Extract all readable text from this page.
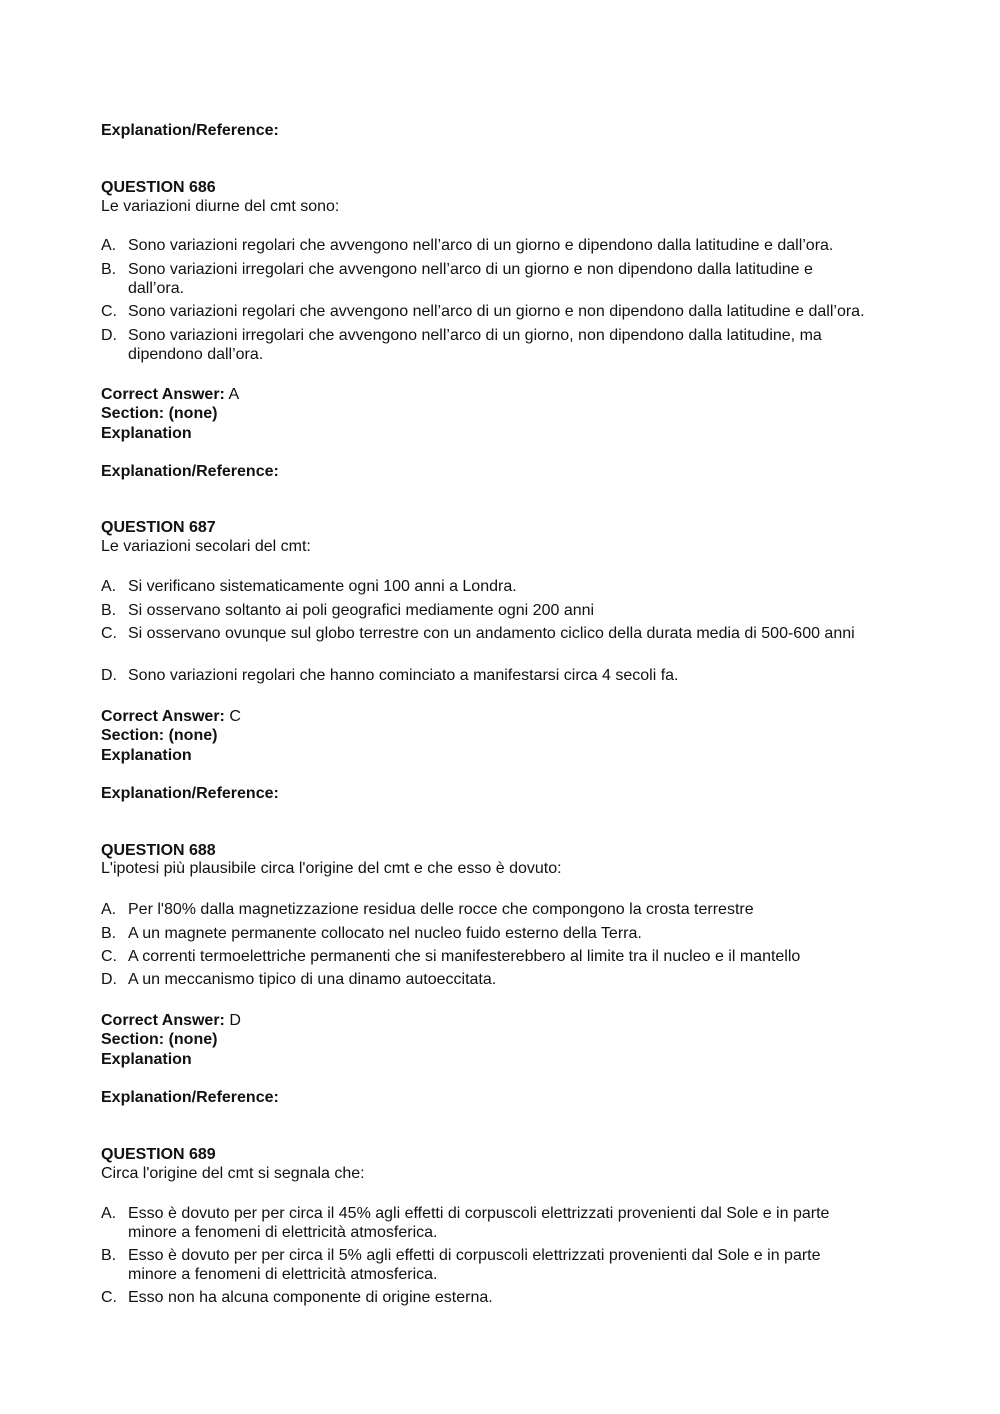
Explanation/Reference:
QUESTION 686
Le variazioni diurne del cmt sono:
A. Sono variazioni regolari che avvengono nell’arco di un giorno e dipendono dalla latitudine e dall’ora.
B. Sono variazioni irregolari che avvengono nell’arco di un giorno e non dipendono dalla latitudine e dall’ora.
C. Sono variazioni regolari che avvengono nell’arco di un giorno e non dipendono dalla latitudine e dall’ora.
D. Sono variazioni irregolari che avvengono nell’arco di un giorno, non dipendono dalla latitudine, ma dipendono dall’ora.
Correct Answer: A
Section: (none)
Explanation
Explanation/Reference:
QUESTION 687
Le variazioni secolari del cmt:
A. Si verificano sistematicamente ogni 100 anni a Londra.
B. Si osservano soltanto ai poli geografici mediamente ogni 200 anni
C. Si osservano ovunque sul globo terrestre con un andamento ciclico della durata media di 500-600 anni
D. Sono variazioni regolari che hanno cominciato a manifestarsi circa 4 secoli fa.
Correct Answer: C
Section: (none)
Explanation
Explanation/Reference:
QUESTION 688
L'ipotesi più plausibile circa l'origine del cmt e che esso è dovuto:
A. Per l'80% dalla magnetizzazione residua delle rocce che compongono la crosta terrestre
B. A un magnete permanente collocato nel nucleo fuido esterno della Terra.
C. A correnti termoelettriche permanenti che si manifesterebbero al limite tra il nucleo e il mantello
D. A un meccanismo tipico di una dinamo autoeccitata.
Correct Answer: D
Section: (none)
Explanation
Explanation/Reference:
QUESTION 689
Circa l'origine del cmt si segnala che:
A. Esso è dovuto per per circa il 45% agli effetti di corpuscoli elettrizzati provenienti dal Sole e in parte minore a fenomeni di elettricità atmosferica.
B. Esso è dovuto per per circa il 5% agli effetti di corpuscoli elettrizzati provenienti dal Sole e in parte minore a fenomeni di elettricità atmosferica.
C. Esso non ha alcuna componente di origine esterna.
